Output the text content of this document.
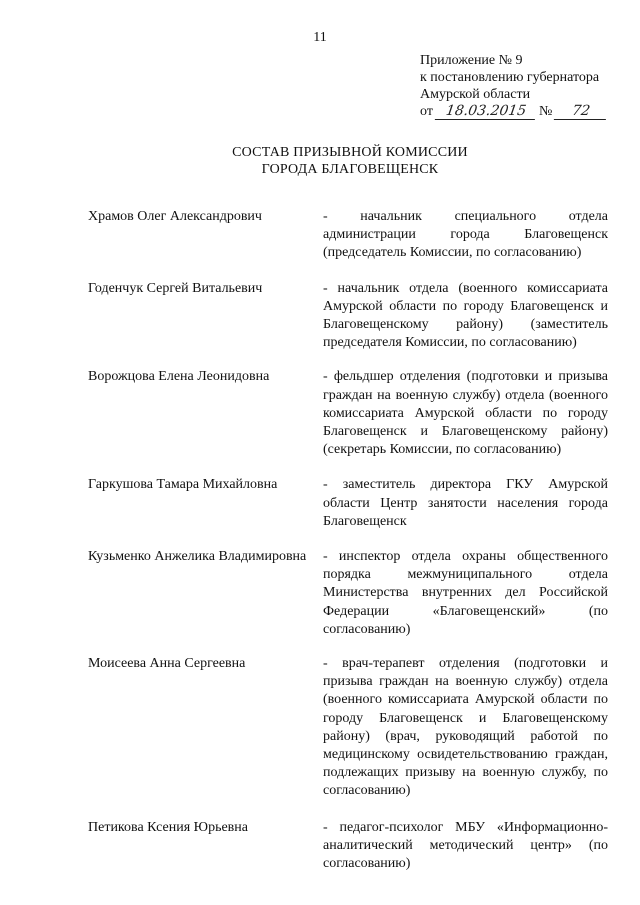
11
Приложение № 9
к постановлению губернатора
Амурской области
от 18.03.2015 №	72
СОСТАВ ПРИЗЫВНОЙ КОМИССИИ
ГОРОДА БЛАГОВЕЩЕНСК
Храмов Олег Александрович	- начальник специального отдела администрации города Благовещенск (председатель Комиссии, по согласованию)
Годенчук Сергей Витальевич	- начальник отдела (военного комиссариата Амурской области по городу Благовещенск и Благовещенскому району) (заместитель председателя Комиссии, по согласованию)
Ворожцова Елена Леонидовна	- фельдшер отделения (подготовки и призыва граждан на военную службу) отдела (военного комиссариата Амурской области по городу Благовещенск и Благовещенскому району) (секретарь Комиссии, по согласованию)
Гаркушова Тамара Михайловна	- заместитель директора ГКУ Амурской области Центр занятости населения города Благовещенск
Кузьменко Анжелика Владимировна	- инспектор отдела охраны общественного порядка межмуниципального отдела Министерства внутренних дел Российской Федерации «Благовещенский» (по согласованию)
Моисеева Анна Сергеевна	- врач-терапевт отделения (подготовки и призыва граждан на военную службу) отдела (военного комиссариата Амурской области по городу Благовещенск и Благовещенскому району) (врач, руководящий работой по медицинскому освидетельствованию граждан, подлежащих призыву на военную службу, по согласованию)
Петикова Ксения Юрьевна	- педагог-психолог МБУ «Информационно-аналитический методический центр» (по согласованию)
